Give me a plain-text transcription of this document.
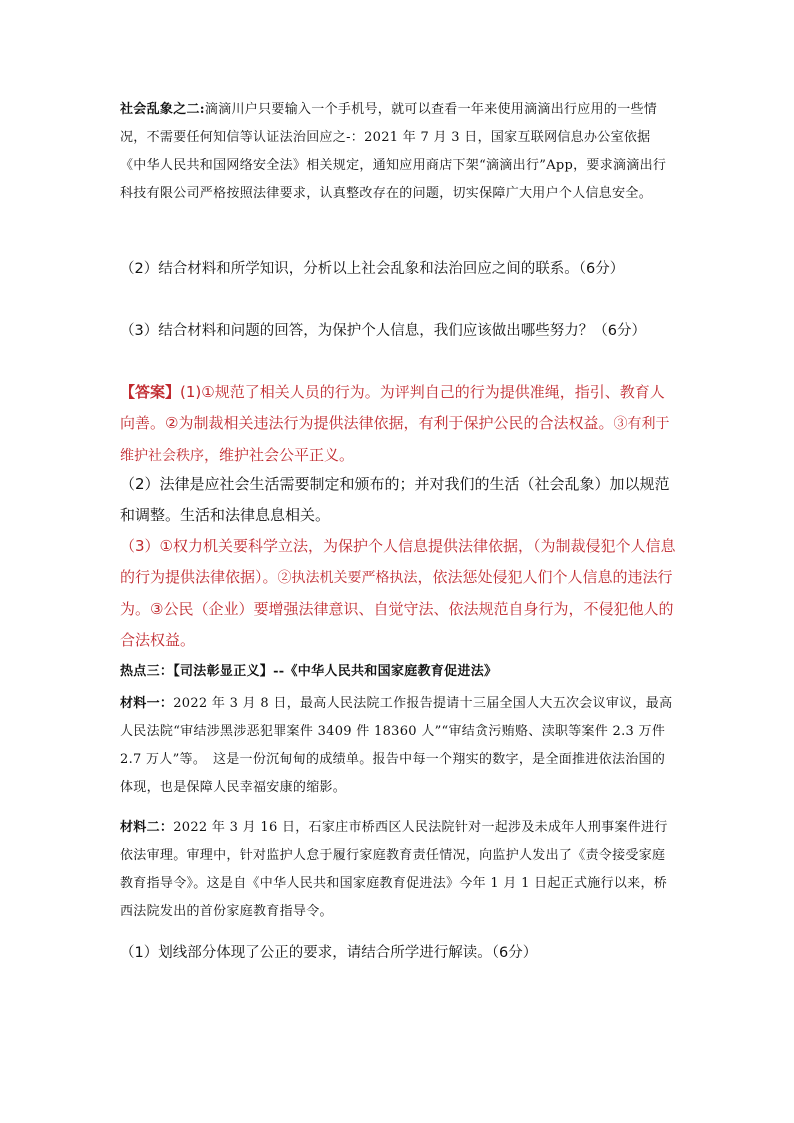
社会乱象之二:滴滴川户只要输入一个手机号，就可以查看一年来使用滴滴出行应用的一些情况，不需要任何知信等认证法治回应之-：2021 年 7 月 3 日，国家互联网信息办公室依据《中华人民共和国网络安全法》相关规定，通知应用商店下架“滴滴出行”App，要求滴滴出行科技有限公司严格按照法律要求，认真整改存在的问题，切实保障广大用户个人信息安全。
（2）结合材料和所学知识，分析以上社会乱象和法治回应之间的联系。（6分）
（3）结合材料和问题的回答，为保护个人信息，我们应该做出哪些努力？（6分）
【答案】(1)①规范了相关人员的行为。为评判自己的行为提供准绳，指引、教育人向善。②为制裁相关违法行为提供法律依据，有利于保护公民的合法权益。③有利于维护社会秩序，维护社会公平正义。
（2）法律是应社会生活需要制定和颁布的；并对我们的生活（社会乱象）加以规范和调整。生活和法律息息相关。
（3）①权力机关要科学立法，为保护个人信息提供法律依据，（为制裁侵犯个人信息的行为提供法律依据）。②执法机关要严格执法，依法惩处侵犯人们个人信息的违法行为。③公民（企业）要增强法律意识、自觉守法、依法规范自身行为，不侵犯他人的合法权益。
热点三：【司法彰显正义】--《中华人民共和国家庭教育促进法》
材料一：2022 年 3 月 8 日，最高人民法院工作报告提请十三届全国人大五次会议审议，最高人民法院“审结涉黑涉恶犯罪案件 3409 件 18360 人”“审结贪污贿赂、渎职等案件 2.3 万件 2.7 万人”等。　这是一份沉甸甸的成绩单。报告中每一个翔实的数字，是全面推进依法治国的体现，也是保障人民幸福安康的缩影。
材料二：2022 年 3 月 16 日，石家庄市桥西区人民法院针对一起涉及未成年人刑事案件进行依法审理。审理中，针对监护人怠于履行家庭教育责任情况，向监护人发出了《责令接受家庭教育指导令》。这是自《中华人民共和国家庭教育促进法》今年 1 月 1 日起正式施行以来，桥西法院发出的首份家庭教育指导令。
（1）划线部分体现了公正的要求，请结合所学进行解读。（6分）
